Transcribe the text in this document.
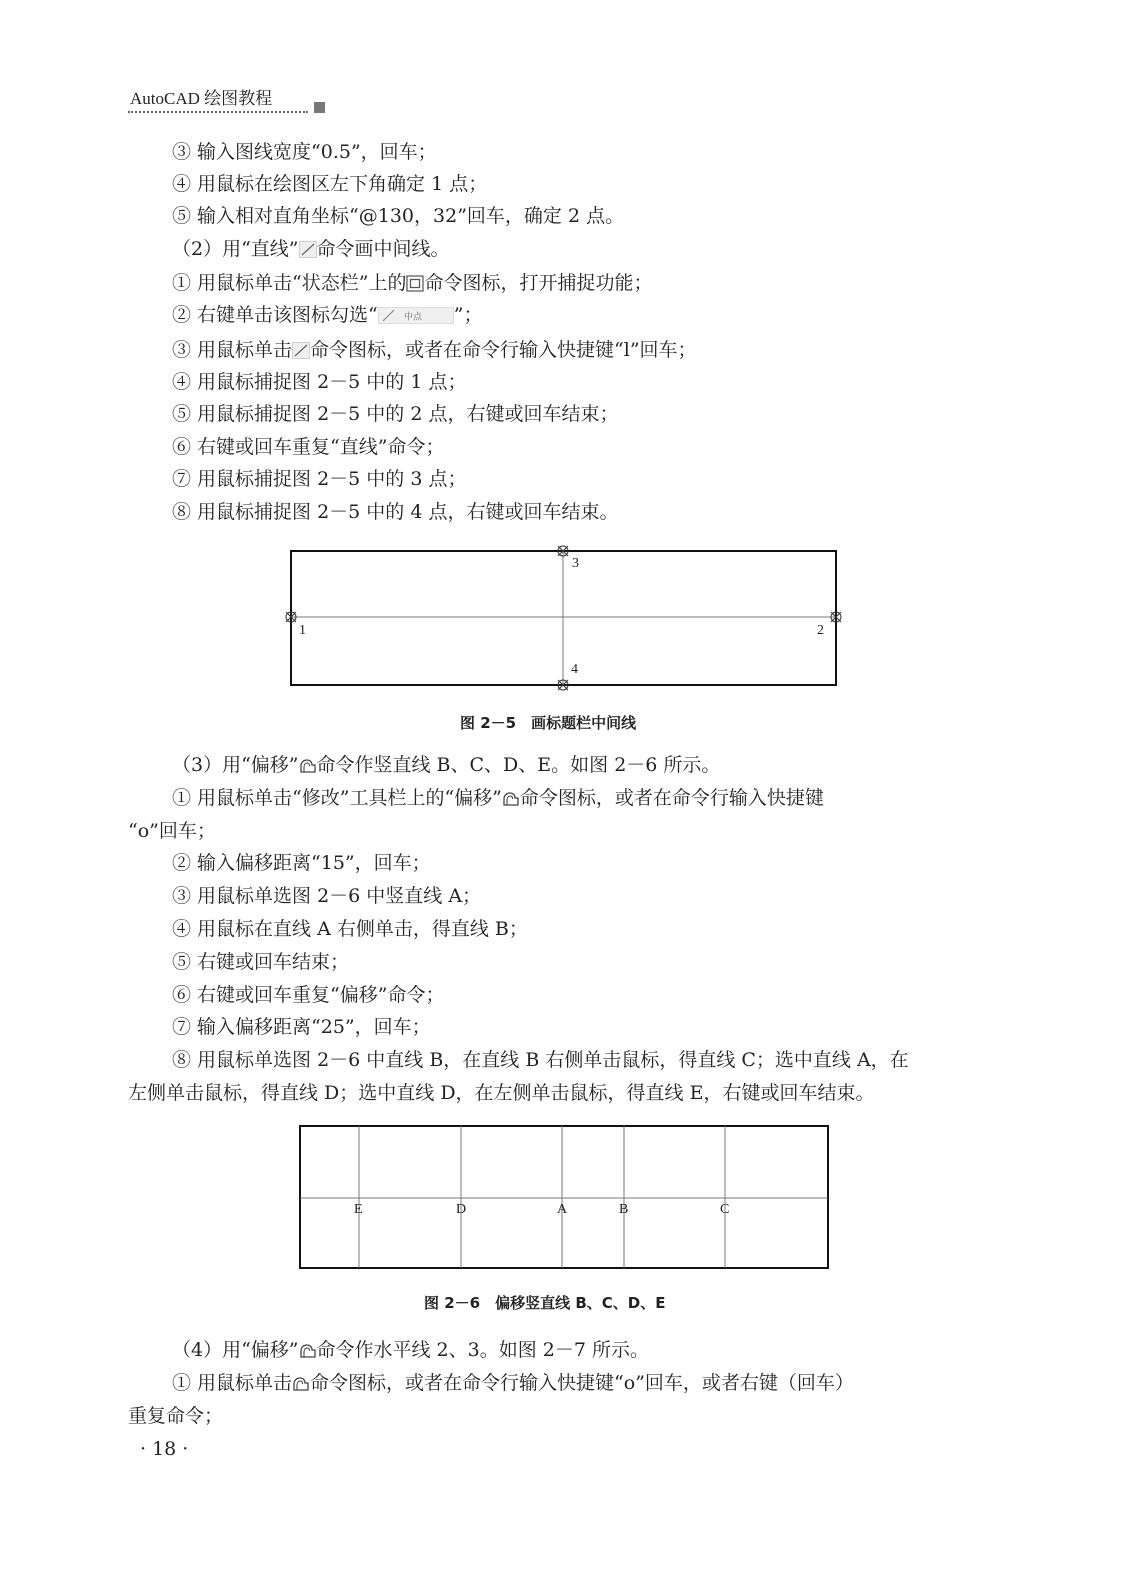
AutoCAD 绘图教程
③ 输入图线宽度“0.5”，回车；
④ 用鼠标在绘图区左下角确定 1 点；
⑤ 输入相对直角坐标“@130，32”回车，确定 2 点。
（2）用“直线” 命令画中间线。
① 用鼠标单击“状态栏”上的 命令图标，打开捕捉功能；
② 右键单击该图标勾选“	中点 ”；
③ 用鼠标单击 命令图标，或者在命令行输入快捷键“l”回车；
④ 用鼠标捕捉图 2－5 中的 1 点；
⑤ 用鼠标捕捉图 2－5 中的 2 点，右键或回车结束；
⑥ 右键或回车重复“直线”命令；
⑦ 用鼠标捕捉图 2－5 中的 3 点；
⑧ 用鼠标捕捉图 2－5 中的 4 点，右键或回车结束。
3
1	2
4
图 2－5　画标题栏中间线
（3）用“偏移” 命令作竖直线 B、C、D、E。如图 2－6 所示。
① 用鼠标单击“修改”工具栏上的“偏移” 命令图标，或者在命令行输入快捷键
“o”回车；
② 输入偏移距离“15”，回车；
③ 用鼠标单选图 2－6 中竖直线 A；
④ 用鼠标在直线 A 右侧单击，得直线 B；
⑤ 右键或回车结束；
⑥ 右键或回车重复“偏移”命令；
⑦ 输入偏移距离“25”，回车；
⑧ 用鼠标单选图 2－6 中直线 B，在直线 B 右侧单击鼠标，得直线 C；选中直线 A，在
左侧单击鼠标，得直线 D；选中直线 D，在左侧单击鼠标，得直线 E，右键或回车结束。
E	D	A	B	C
图 2－6　偏移竖直线 B、C、D、E
（4）用“偏移” 命令作水平线 2、3。如图 2－7 所示。
① 用鼠标单击 命令图标，或者在命令行输入快捷键“o”回车，或者右键（回车）
重复命令；
· 18 ·
